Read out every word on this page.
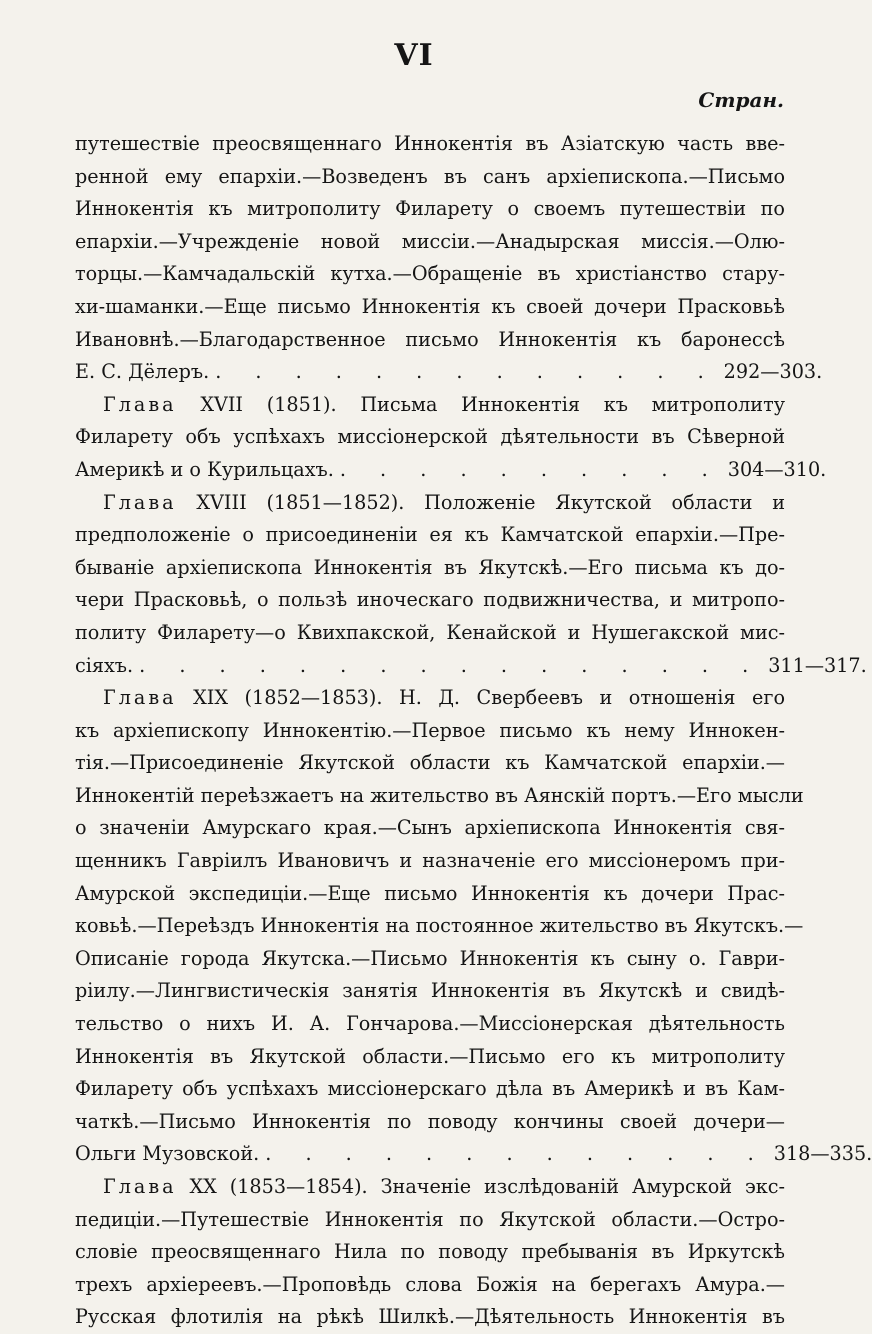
VI
Стран.
путешествіе преосвященнаго Иннокентія въ Азіатскую часть вве-
ренной ему епархіи.—Возведенъ въ санъ архіепископа.—Письмо
Иннокентія къ митрополиту Филарету о своемъ путешествіи по
епархіи.—Учрежденіе новой миссіи.—Анадырская миссія.—Олю-
торцы.—Камчадальскій кутха.—Обращеніе въ христіанство стару-
хи-шаманки.—Еще письмо Иннокентія къ своей дочери Прасковьѣ
Ивановнѣ.—Благодарственное письмо Иннокентія къ баронессѣ
Е. С. Дёлеръ. . . . . . . . . . . . . . 292—303.
Глава XVII (1851). Письма Иннокентія къ митрополиту
Филарету объ успѣхахъ миссіонерской дѣятельности въ Сѣверной
Америкѣ и о Курильцахъ. . . . . . . . . . . 304—310.
Глава XVIII (1851—1852). Положеніе Якутской области и
предположеніе о присоединеніи ея къ Камчатской епархіи.—Пре-
бываніе архіепископа Иннокентія въ Якутскѣ.—Его письма къ до-
чери Прасковьѣ, о пользѣ иноческаго подвижничества, и митропо-
политу Филарету—о Квихпакской, Кенайской и Нушегакской мис-
сіяхъ. . . . . . . . . . . . . . . . . 311—317.
Глава XIX (1852—1853). Н. Д. Свербеевъ и отношенія его
къ архіепископу Иннокентію.—Первое письмо къ нему Иннокен-
тія.—Присоединеніе Якутской области къ Камчатской епархіи.—
Иннокентій переѣзжаетъ на жительство въ Аянскій портъ.—Его мысли
о значеніи Амурскаго края.—Сынъ архіепископа Иннокентія свя-
щенникъ Гавріилъ Ивановичъ и назначеніе его миссіонеромъ при-
Амурской экспедиціи.—Еще письмо Иннокентія къ дочери Прас-
ковьѣ.—Переѣздъ Иннокентія на постоянное жительство въ Якутскъ.—
Описаніе города Якутска.—Письмо Иннокентія къ сыну о. Гаври-
ріилу.—Лингвистическія занятія Иннокентія въ Якутскѣ и свидѣ-
тельство о нихъ И. А. Гончарова.—Миссіонерская дѣятельность
Иннокентія въ Якутской области.—Письмо его къ митрополиту
Филарету объ успѣхахъ миссіонерскаго дѣла въ Америкѣ и въ Кам-
чаткѣ.—Письмо Иннокентія по поводу кончины своей дочери—
Ольги Музовской. . . . . . . . . . . . . . 318—335.
Глава XX (1853—1854). Значеніе изслѣдованій Амурской экс-
педиціи.—Путешествіе Иннокентія по Якутской области.—Остро-
словіе преосвященнаго Нила по поводу пребыванія въ Иркутскѣ
трехъ архіереевъ.—Проповѣдь слова Божія на берегахъ Амура.—
Русская флотилія на рѣкѣ Шилкѣ.—Дѣятельность Иннокентія въ
